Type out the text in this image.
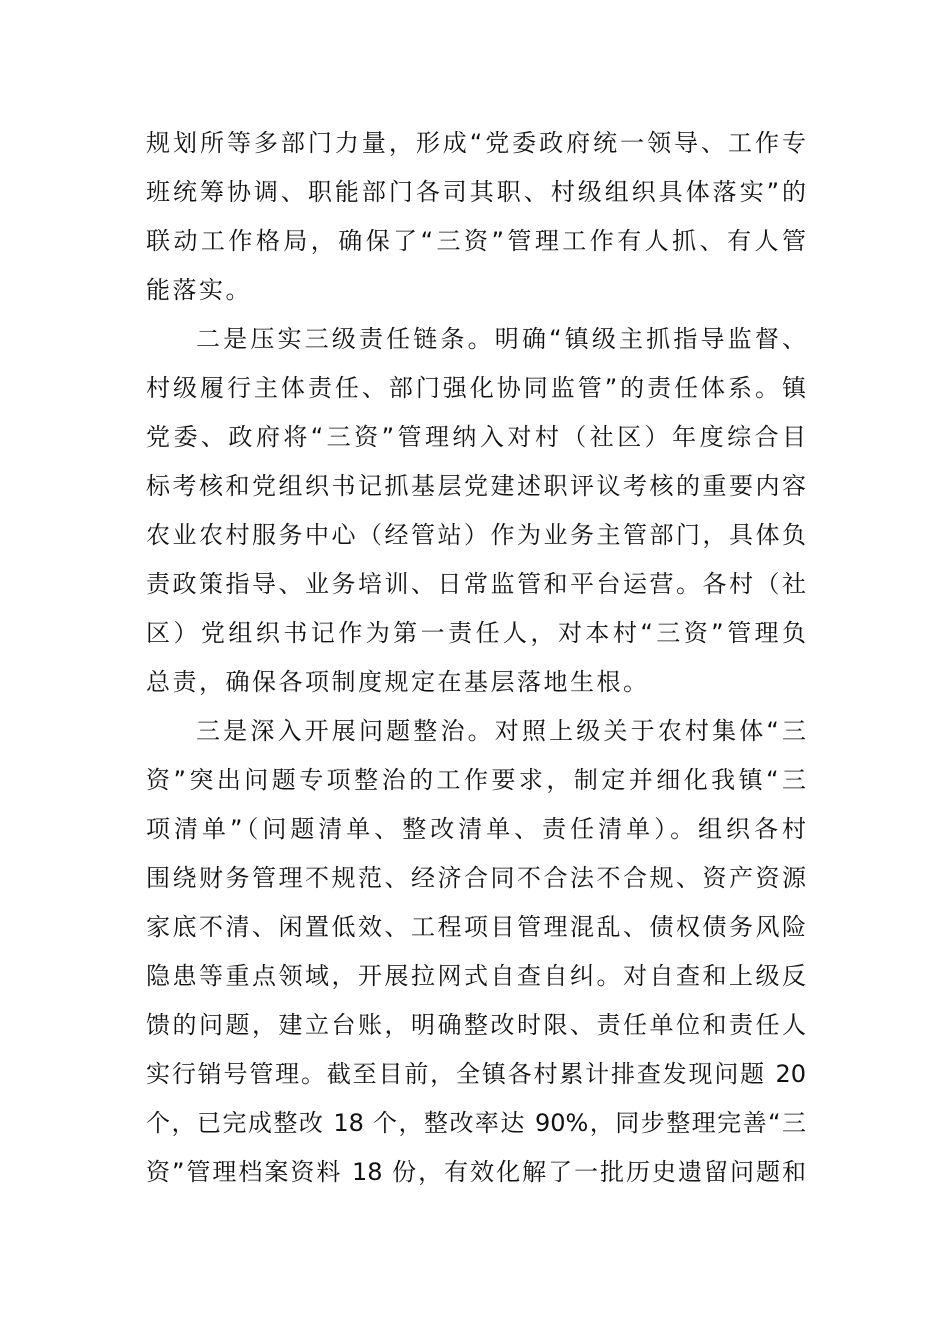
规划所等多部门力量，形成“党委政府统一领导、工作专
班统筹协调、职能部门各司其职、村级组织具体落实”的
联动工作格局，确保了“三资”管理工作有人抓、有人管
能落实。
二是压实三级责任链条。明确“镇级主抓指导监督、
村级履行主体责任、部门强化协同监管”的责任体系。镇
党委、政府将“三资”管理纳入对村（社区）年度综合目
标考核和党组织书记抓基层党建述职评议考核的重要内容
农业农村服务中心（经管站）作为业务主管部门，具体负
责政策指导、业务培训、日常监管和平台运营。各村（社
区）党组织书记作为第一责任人，对本村“三资”管理负
总责，确保各项制度规定在基层落地生根。
三是深入开展问题整治。对照上级关于农村集体“三
资”突出问题专项整治的工作要求，制定并细化我镇“三
项清单”（问题清单、整改清单、责任清单）。组织各村
围绕财务管理不规范、经济合同不合法不合规、资产资源
家底不清、闲置低效、工程项目管理混乱、债权债务风险
隐患等重点领域，开展拉网式自查自纠。对自查和上级反
馈的问题，建立台账，明确整改时限、责任单位和责任人
实行销号管理。截至目前，全镇各村累计排查发现问题 20
个，已完成整改 18 个，整改率达 90%，同步整理完善“三
资”管理档案资料 18 份，有效化解了一批历史遗留问题和
